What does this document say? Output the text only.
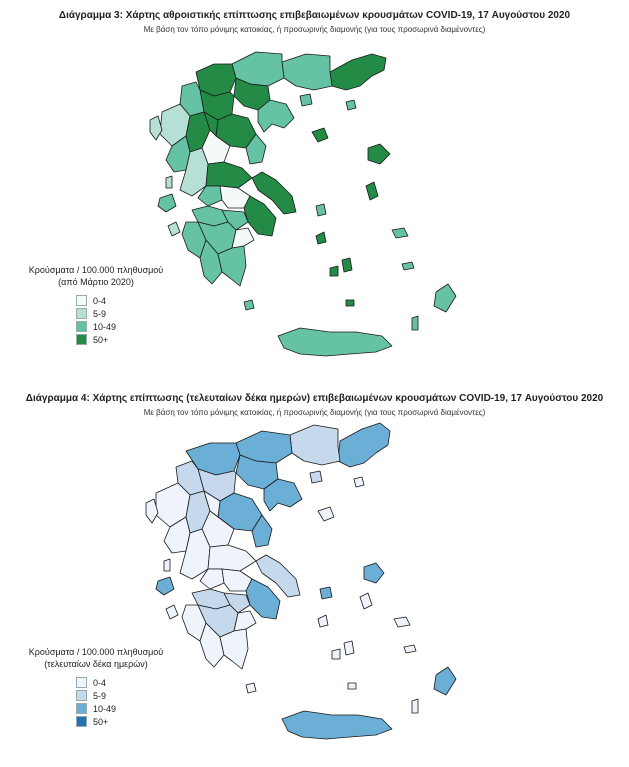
Διάγραμμα 3: Χάρτης αθροιστικής επίπτωσης επιβεβαιωμένων κρουσμάτων COVID-19, 17 Αυγούστου 2020
Με βάση τον τόπο μόνιμης κατοικίας, ή προσωρινής διαμονής (για τους προσωρινά διαμένοντες)
Κρούσματα / 100.000 πληθυσμού
(από Μάρτιο 2020)
0-4
5-9
10-49
50+
Διάγραμμα 4: Χάρτης επίπτωσης (τελευταίων δέκα ημερών) επιβεβαιωμένων κρουσμάτων COVID-19, 17 Αυγούστου 2020
Με βάση τον τόπο μόνιμης κατοικίας, ή προσωρινής διαμονής (για τους προσωρινά διαμένοντες)
Κρούσματα / 100.000 πληθυσμού
(τελευταίων δέκα ημερών)
0-4
5-9
10-49
50+
